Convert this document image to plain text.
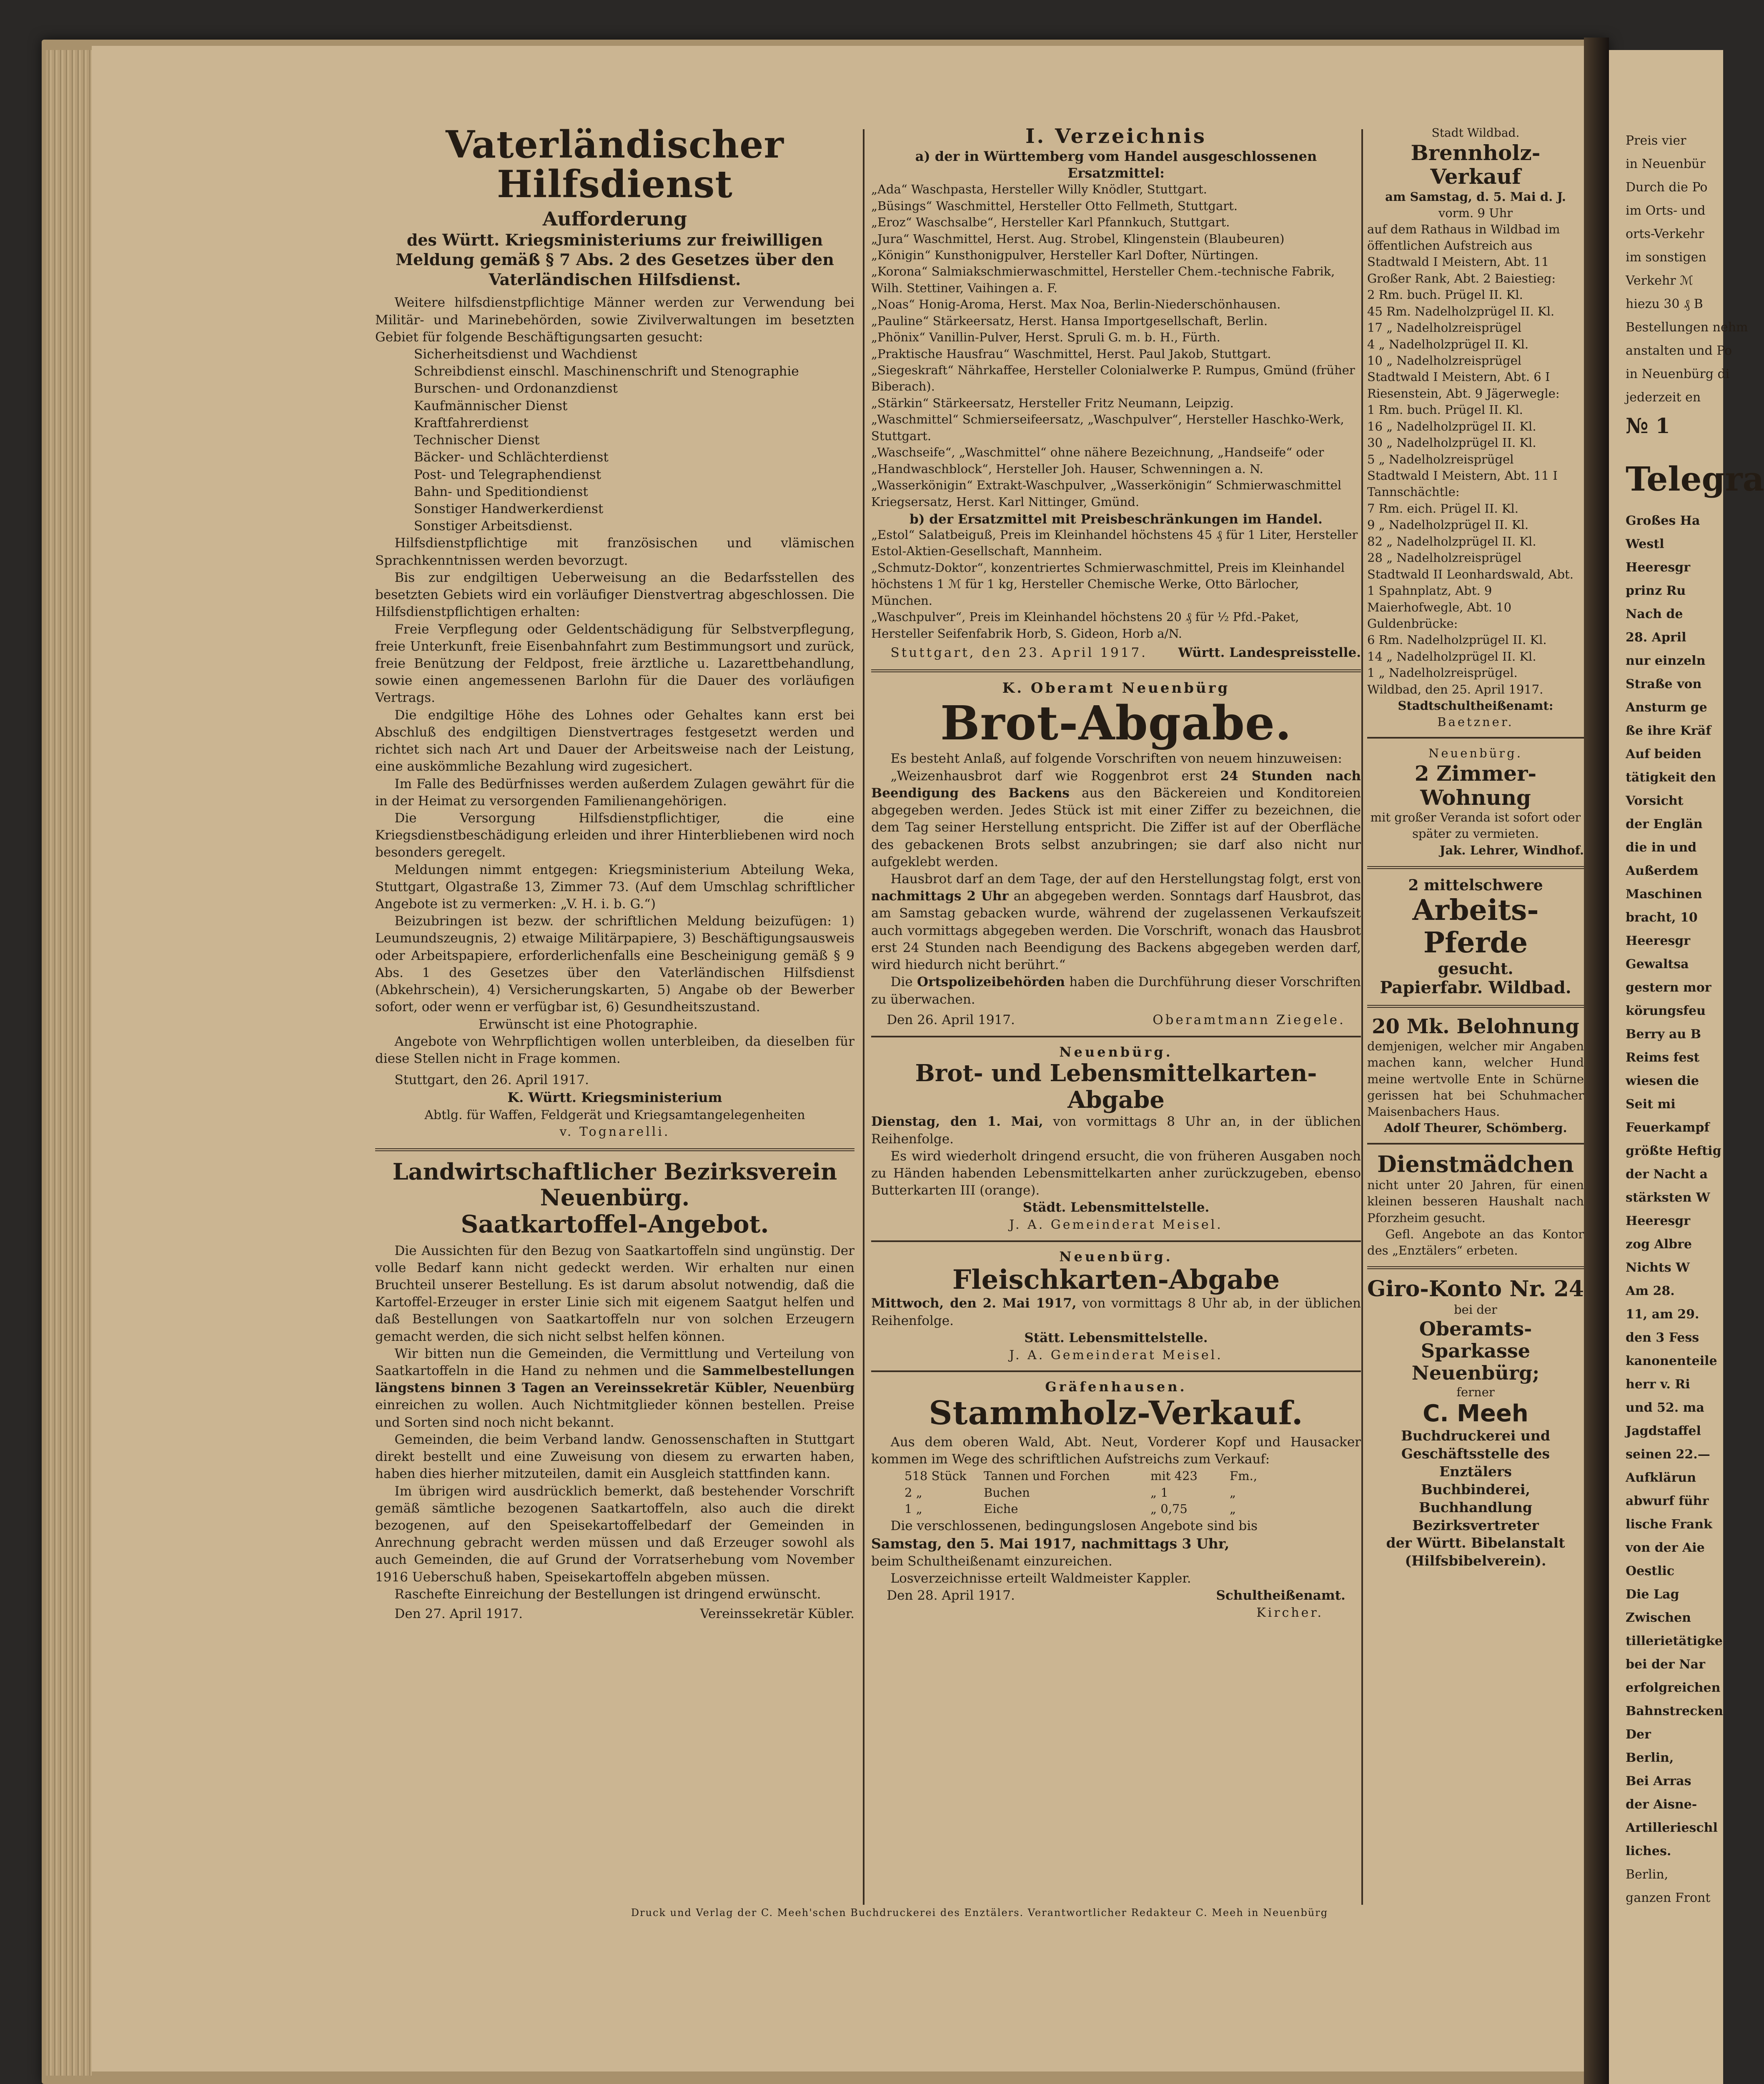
Preis vier
in Neuenbür
Durch die Po
im Orts- und
orts-Verkehr
im sonstigen
Verkehr ℳ
hiezu 30 ₰ B
Bestellungen nehm
anstalten und Po
in Neuenbürg di
jederzeit en
№ 1
Telegra
Großes Ha
Westl
Heeresgr
prinz Ru
Nach de
28. April
nur einzeln
Straße von
Ansturm ge
ße ihre Kräf
Auf beiden
tätigkeit den
Vorsicht
der Englän
die in und
Außerdem
Maschinen
bracht, 10
Heeresgr
Gewaltsa
gestern mor
körungsfeu
Berry au B
Reims fest
wiesen die
Seit mi
Feuerkampf
größte Heftig
der Nacht a
stärksten W
Heeresgr
zog Albre
Nichts W
Am 28.
11, am 29.
den 3 Fess
kanonenteile
herr v. Ri
und 52. ma
Jagdstaffel
seinen 22.—
Aufklärun
abwurf führ
lische Frank
von der Aie
Oestlic
Die Lag
Zwischen
tillerietätigke
bei der Nar
erfolgreichen
Bahnstrecken
Der
Berlin,
Bei Arras
der Aisne-
Artillerieschl
liches.
Berlin,
ganzen Front
Vaterländischer Hilfsdienst
Aufforderung
des Württ. Kriegsministeriums zur freiwilligen Meldung gemäß § 7 Abs. 2 des Gesetzes über den Vaterländischen Hilfsdienst.

Weitere hilfsdienstpflichtige Männer werden zur Verwendung bei Militär- und Marinebehörden, sowie Zivilverwaltungen im besetzten Gebiet für folgende Beschäftigungsarten gesucht:

Sicherheitsdienst und Wachdienst
Schreibdienst einschl. Maschinenschrift und Stenographie
Burschen- und Ordonanzdienst
Kaufmännischer Dienst
Kraftfahrerdienst
Technischer Dienst
Bäcker- und Schlächterdienst
Post- und Telegraphendienst
Bahn- und Speditiondienst
Sonstiger Handwerkerdienst
Sonstiger Arbeitsdienst.

Hilfsdienstpflichtige mit französischen und vlämischen Sprachkenntnissen werden bevorzugt.

Bis zur endgiltigen Ueberweisung an die Bedarfsstellen des besetzten Gebiets wird ein vorläufiger Dienstvertrag abgeschlossen. Die Hilfsdienstpflichtigen erhalten:

Freie Verpflegung oder Geldentschädigung für Selbstverpflegung, freie Unterkunft, freie Eisenbahnfahrt zum Bestimmungsort und zurück, freie Benützung der Feldpost, freie ärztliche u. Lazarettbehandlung, sowie einen angemessenen Barlohn für die Dauer des vorläufigen Vertrags.

Die endgiltige Höhe des Lohnes oder Gehaltes kann erst bei Abschluß des endgiltigen Dienstvertrages festgesetzt werden und richtet sich nach Art und Dauer der Arbeitsweise nach der Leistung, eine auskömmliche Bezahlung wird zugesichert.

Im Falle des Bedürfnisses werden außerdem Zulagen gewährt für die in der Heimat zu versorgenden Familienangehörigen.

Die Versorgung Hilfsdienstpflichtiger, die eine Kriegsdienstbeschädigung erleiden und ihrer Hinterbliebenen wird noch besonders geregelt.

Meldungen nimmt entgegen: Kriegsministerium Abteilung Weka, Stuttgart, Olgastraße 13, Zimmer 73. (Auf dem Umschlag schriftlicher Angebote ist zu vermerken: „V. H. i. b. G.“)

Beizubringen ist bezw. der schriftlichen Meldung beizufügen: 1) Leumundszeugnis, 2) etwaige Militärpapiere, 3) Beschäftigungsausweis oder Arbeitspapiere, erforderlichenfalls eine Bescheinigung gemäß § 9 Abs. 1 des Gesetzes über den Vaterländischen Hilfsdienst (Abkehrschein), 4) Versicherungskarten, 5) Angabe ob der Bewerber sofort, oder wenn er verfügbar ist, 6) Gesundheitszustand.

Erwünscht ist eine Photographie.

Angebote von Wehrpflichtigen wollen unterbleiben, da dieselben für diese Stellen nicht in Frage kommen.

Stuttgart, den 26. April 1917.

K. Württ. Kriegsministerium
Abtlg. für Waffen, Feldgerät und Kriegsamtangelegenheiten
v. Tognarelli.
Landwirtschaftlicher Bezirksverein Neuenbürg.
Saatkartoffel-Angebot.

Die Aussichten für den Bezug von Saatkartoffeln sind ungünstig. Der volle Bedarf kann nicht gedeckt werden. Wir erhalten nur einen Bruchteil unserer Bestellung. Es ist darum absolut notwendig, daß die Kartoffel-Erzeuger in erster Linie sich mit eigenem Saatgut helfen und daß Bestellungen von Saatkartoffeln nur von solchen Erzeugern gemacht werden, die sich nicht selbst helfen können.

Wir bitten nun die Gemeinden, die Vermittlung und Verteilung von Saatkartoffeln in die Hand zu nehmen und die Sammelbestellungen längstens binnen 3 Tagen an Vereinssekretär Kübler, Neuenbürg einreichen zu wollen. Auch Nichtmitglieder können bestellen. Preise und Sorten sind noch nicht bekannt.

Gemeinden, die beim Verband landw. Genossenschaften in Stuttgart direkt bestellt und eine Zuweisung von diesem zu erwarten haben, haben dies hierher mitzuteilen, damit ein Ausgleich stattfinden kann.

Im übrigen wird ausdrücklich bemerkt, daß bestehender Vorschrift gemäß sämtliche bezogenen Saatkartoffeln, also auch die direkt bezogenen, auf den Speisekartoffelbedarf der Gemeinden in Anrechnung gebracht werden müssen und daß Erzeuger sowohl als auch Gemeinden, die auf Grund der Vorratserhebung vom November 1916 Ueberschuß haben, Speisekartoffeln abgeben müssen.

Raschefte Einreichung der Bestellungen ist dringend erwünscht.

Den 27. April 1917.	Vereinssekretär Kübler.
I. Verzeichnis
a) der in Württemberg vom Handel ausgeschlossenen Ersatzmittel:
„Ada“ Waschpasta, Hersteller Willy Knödler, Stuttgart.
„Büsings“ Waschmittel, Hersteller Otto Fellmeth, Stuttgart.
„Eroz“ Waschsalbe“, Hersteller Karl Pfannkuch, Stuttgart.
„Jura“ Waschmittel, Herst. Aug. Strobel, Klingenstein (Blaubeuren)
„Königin“ Kunsthonigpulver, Hersteller Karl Dofter, Nürtingen.
„Korona“ Salmiakschmierwaschmittel, Hersteller Chem.-technische Fabrik, Wilh. Stettiner, Vaihingen a. F.
„Noas“ Honig-Aroma, Herst. Max Noa, Berlin-Niederschönhausen.
„Pauline“ Stärkeersatz, Herst. Hansa Importgesellschaft, Berlin.
„Phönix“ Vanillin-Pulver, Herst. Spruli G. m. b. H., Fürth.
„Praktische Hausfrau“ Waschmittel, Herst. Paul Jakob, Stuttgart.
„Siegeskraft“ Nährkaffee, Hersteller Colonialwerke P. Rumpus, Gmünd (früher Biberach).
„Stärkin“ Stärkeersatz, Hersteller Fritz Neumann, Leipzig.
„Waschmittel“ Schmierseifeersatz, „Waschpulver“, Hersteller Haschko-Werk, Stuttgart.
„Waschseife“, „Waschmittel“ ohne nähere Bezeichnung, „Handseife“ oder „Handwaschblock“, Hersteller Joh. Hauser, Schwenningen a. N.
„Wasserkönigin“ Extrakt-Waschpulver, „Wasserkönigin“ Schmierwaschmittel Kriegsersatz, Herst. Karl Nittinger, Gmünd.
b) der Ersatzmittel mit Preisbeschränkungen im Handel.
„Estol“ Salatbeiguß, Preis im Kleinhandel höchstens 45 ₰ für 1 Liter, Hersteller Estol-Aktien-Gesellschaft, Mannheim.
„Schmutz-Doktor“, konzentriertes Schmierwaschmittel, Preis im Kleinhandel höchstens 1 ℳ für 1 kg, Hersteller Chemische Werke, Otto Bärlocher, München.
„Waschpulver“, Preis im Kleinhandel höchstens 20 ₰ für ½ Pfd.-Paket, Hersteller Seifenfabrik Horb, S. Gideon, Horb a/N.
Stuttgart, den 23. April 1917. Württ. Landespreisstelle.
K. Oberamt Neuenbürg
Brot-Abgabe.

Es besteht Anlaß, auf folgende Vorschriften von neuem hinzuweisen:

„Weizenhausbrot darf wie Roggenbrot erst 24 Stunden nach Beendigung des Backens aus den Bäckereien und Konditoreien abgegeben werden. Jedes Stück ist mit einer Ziffer zu bezeichnen, die dem Tag seiner Herstellung entspricht. Die Ziffer ist auf der Oberfläche des gebackenen Brots selbst anzubringen; sie darf also nicht nur aufgeklebt werden.

Hausbrot darf an dem Tage, der auf den Herstellungstag folgt, erst von nachmittags 2 Uhr an abgegeben werden. Sonntags darf Hausbrot, das am Samstag gebacken wurde, während der zugelassenen Verkaufszeit auch vormittags abgegeben werden. Die Vorschrift, wonach das Hausbrot erst 24 Stunden nach Beendigung des Backens abgegeben werden darf, wird hiedurch nicht berührt.“

Die Ortspolizeibehörden haben die Durchführung dieser Vorschriften zu überwachen.

Den 26. April 1917.	Oberamtmann Ziegele.
Neuenbürg.
Brot- und Lebensmittelkarten-Abgabe

Dienstag, den 1. Mai, von vormittags 8 Uhr an, in der üblichen Reihenfolge.

Es wird wiederholt dringend ersucht, die von früheren Ausgaben noch zu Händen habenden Lebensmittelkarten anher zurückzugeben, ebenso Butterkarten III (orange).

Städt. Lebensmittelstelle.
J. A. Gemeinderat Meisel.
Neuenbürg.
Fleischkarten-Abgabe

Mittwoch, den 2. Mai 1917, von vormittags 8 Uhr ab, in der üblichen Reihenfolge.

Stätt. Lebensmittelstelle.
J. A. Gemeinderat Meisel.
Gräfenhausen.
Stammholz-Verkauf.

Aus dem oberen Wald, Abt. Neut, Vorderer Kopf und Hausacker kommen im Wege des schriftlichen Aufstreichs zum Verkauf:

518 Stück	Tannen und Forchen	mit 423	Fm.,
2 „	Buchen	„ 1	„
1 „	Eiche	„ 0,75	„

Die verschlossenen, bedingungslosen Angebote sind bis

Samstag, den 5. Mai 1917, nachmittags 3 Uhr,

beim Schultheißenamt einzureichen.

Losverzeichnisse erteilt Waldmeister Kappler.

Den 28. April 1917.	Schultheißenamt.
Kircher.
Stadt Wildbad.
Brennholz-Verkauf
am Samstag, d. 5. Mai d. J.
vorm. 9 Uhr
auf dem Rathaus in Wildbad im öffentlichen Aufstreich aus
Stadtwald I Meistern, Abt. 11
Großer Rank, Abt. 2 Baiestieg:
2 Rm. buch. Prügel II. Kl.
45 Rm. Nadelholzprügel II. Kl.
17 „ Nadelholzreisprügel
4 „ Nadelholzprügel II. Kl.
10 „ Nadelholzreisprügel
Stadtwald I Meistern, Abt. 6 I
Riesenstein, Abt. 9 Jägerwegle:
1 Rm. buch. Prügel II. Kl.
16 „ Nadelholzprügel II. Kl.
30 „ Nadelholzprügel II. Kl.
5 „ Nadelholzreisprügel
Stadtwald I Meistern, Abt. 11 I
Tannschächtle:
7 Rm. eich. Prügel II. Kl.
9 „ Nadelholzprügel II. Kl.
82 „ Nadelholzprügel II. Kl.
28 „ Nadelholzreisprügel
Stadtwald II Leonhardswald, Abt. 1 Spahnplatz, Abt. 9 Maierhofwegle, Abt. 10 Guldenbrücke:
6 Rm. Nadelholzprügel II. Kl.
14 „ Nadelholzprügel II. Kl.
1 „ Nadelholzreisprügel.
Wildbad, den 25. April 1917.
Stadtschultheißenamt:
Baetzner.
Neuenbürg.
2 Zimmer-Wohnung
mit großer Veranda ist sofort oder später zu vermieten.
Jak. Lehrer, Windhof.
2 mittelschwere
Arbeits-Pferde
gesucht.
Papierfabr. Wildbad.
20 Mk. Belohnung
demjenigen, welcher mir Angaben machen kann, welcher Hund meine wertvolle Ente in Schürne gerissen hat bei Schuhmacher Maisenbachers Haus.
Adolf Theurer, Schömberg.
Dienstmädchen
nicht unter 20 Jahren, für einen kleinen besseren Haushalt nach Pforzheim gesucht.
Gefl. Angebote an das Kontor des „Enztälers“ erbeten.
Giro-Konto Nr. 24
bei der
Oberamts-Sparkasse Neuenbürg;
ferner
C. Meeh
Buchdruckerei und Geschäftsstelle des Enztälers
Buchbinderei, Buchhandlung
Bezirksvertreter
der Württ. Bibelanstalt
(Hilfsbibelverein).
Druck und Verlag der C. Meeh'schen Buchdruckerei des Enztälers. Verantwortlicher Redakteur C. Meeh in Neuenbürg
